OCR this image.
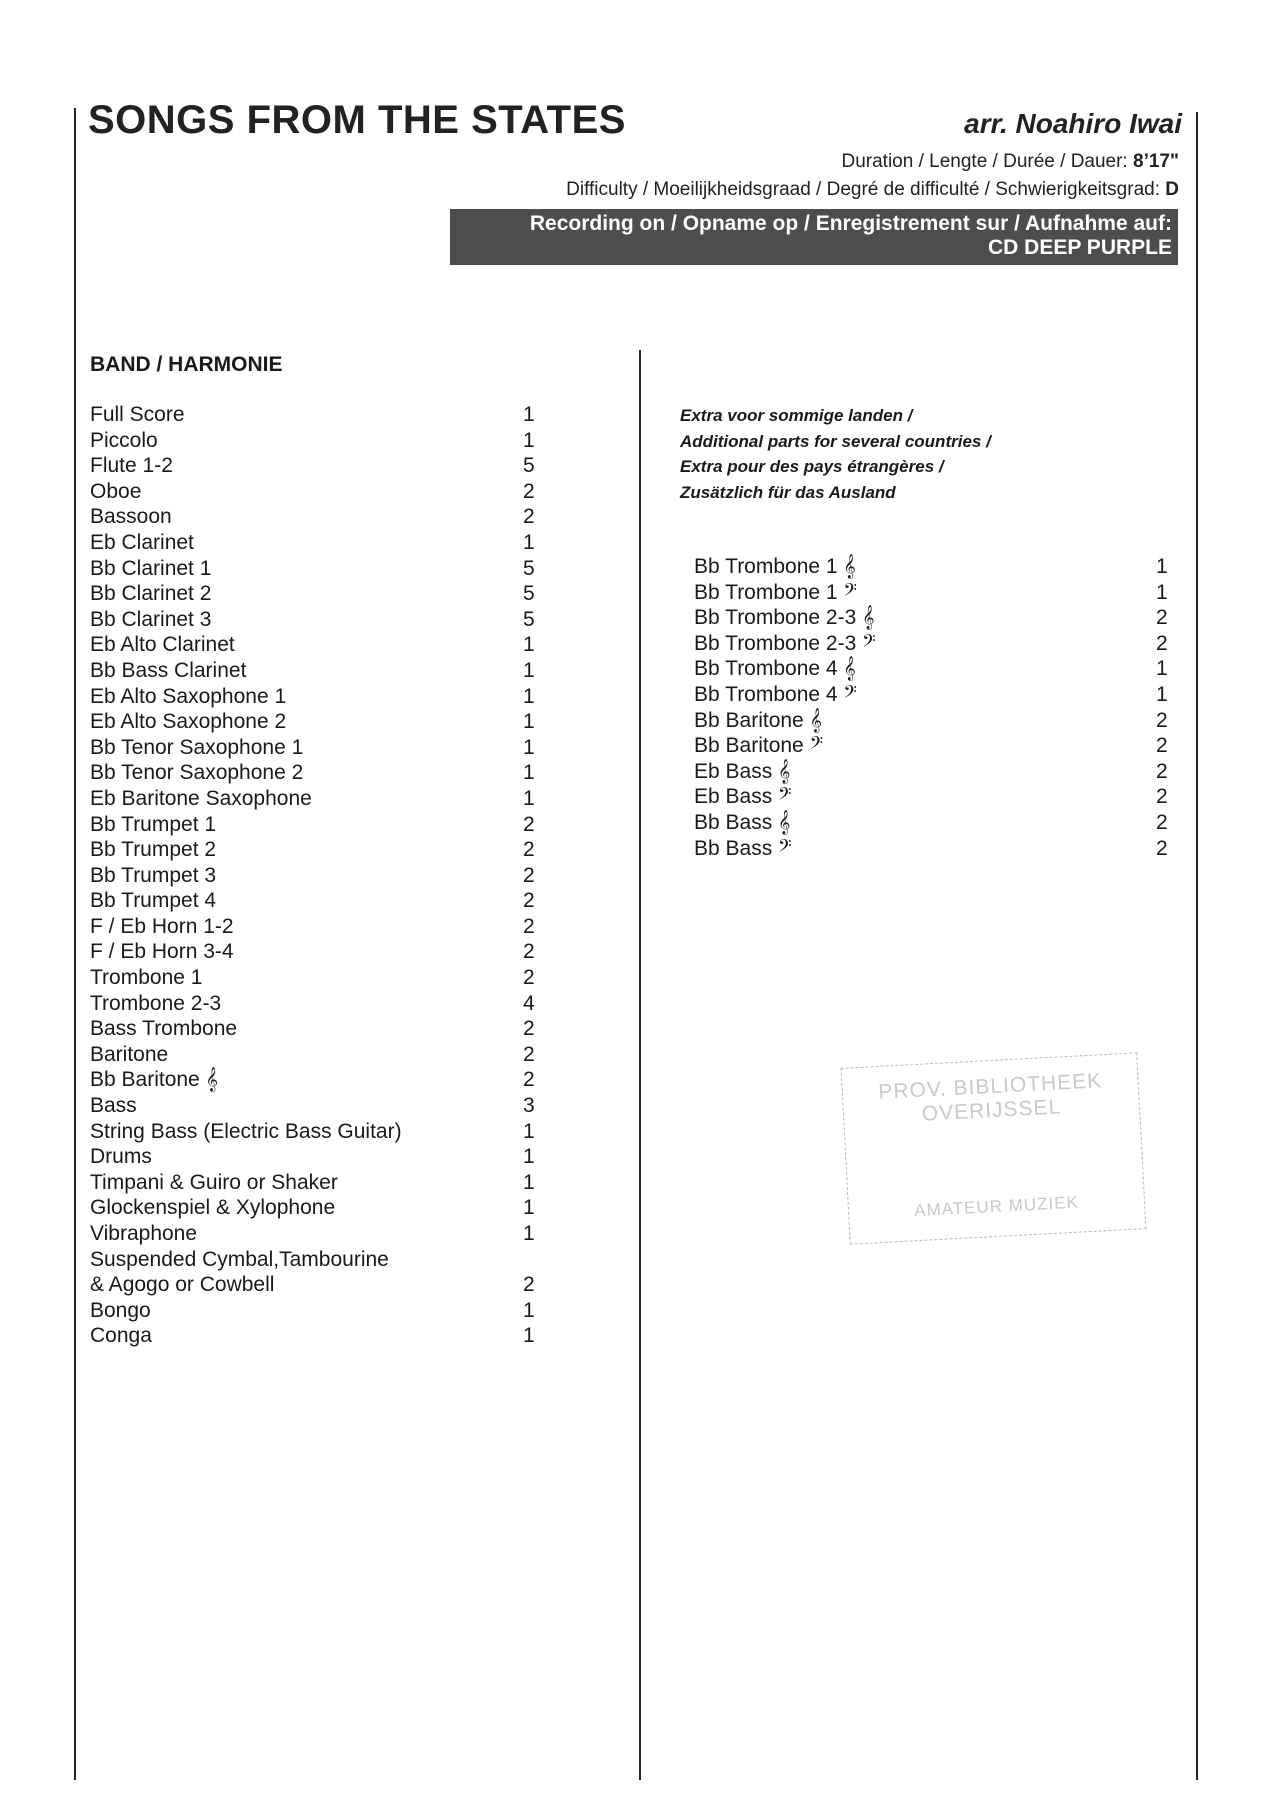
SONGS FROM THE STATES	arr. Noahiro Iwai
Duration / Lengte / Durée / Dauer: 8’17"
Difficulty / Moeilijkheidsgraad / Degré de difficulté / Schwierigkeitsgrad: D
Recording on / Opname op / Enregistrement sur / Aufnahme auf:
CD DEEP PURPLE
BAND / HARMONIE
Full Score	1
Piccolo	1
Flute 1-2	5
Oboe	2
Bassoon	2
Eb Clarinet	1
Bb Clarinet 1	5
Bb Clarinet 2	5
Bb Clarinet 3	5
Eb Alto Clarinet	1
Bb Bass Clarinet	1
Eb Alto Saxophone 1	1
Eb Alto Saxophone 2	1
Bb Tenor Saxophone 1	1
Bb Tenor Saxophone 2	1
Eb Baritone Saxophone	1
Bb Trumpet 1	2
Bb Trumpet 2	2
Bb Trumpet 3	2
Bb Trumpet 4	2
F / Eb Horn 1-2	2
F / Eb Horn 3-4	2
Trombone 1	2
Trombone 2-3	4
Bass Trombone	2
Baritone	2
Bb Baritone 𝄞	2
Bass	3
String Bass (Electric Bass Guitar)	1
Drums	1
Timpani & Guiro or Shaker	1
Glockenspiel & Xylophone	1
Vibraphone	1
Suspended Cymbal,Tambourine
& Agogo or Cowbell	2
Bongo	1
Conga	1
Extra voor sommige landen /
Additional parts for several countries /
Extra pour des pays étrangères /
Zusätzlich für das Ausland
Bb Trombone 1 𝄞	1
Bb Trombone 1 𝄢	1
Bb Trombone 2-3 𝄞	2
Bb Trombone 2-3 𝄢	2
Bb Trombone 4 𝄞	1
Bb Trombone 4 𝄢	1
Bb Baritone 𝄞	2
Bb Baritone 𝄢	2
Eb Bass 𝄞	2
Eb Bass 𝄢	2
Bb Bass 𝄞	2
Bb Bass 𝄢	2
PROV. BIBLIOTHEEK
OVERIJSSEL
AMATEUR MUZIEK
